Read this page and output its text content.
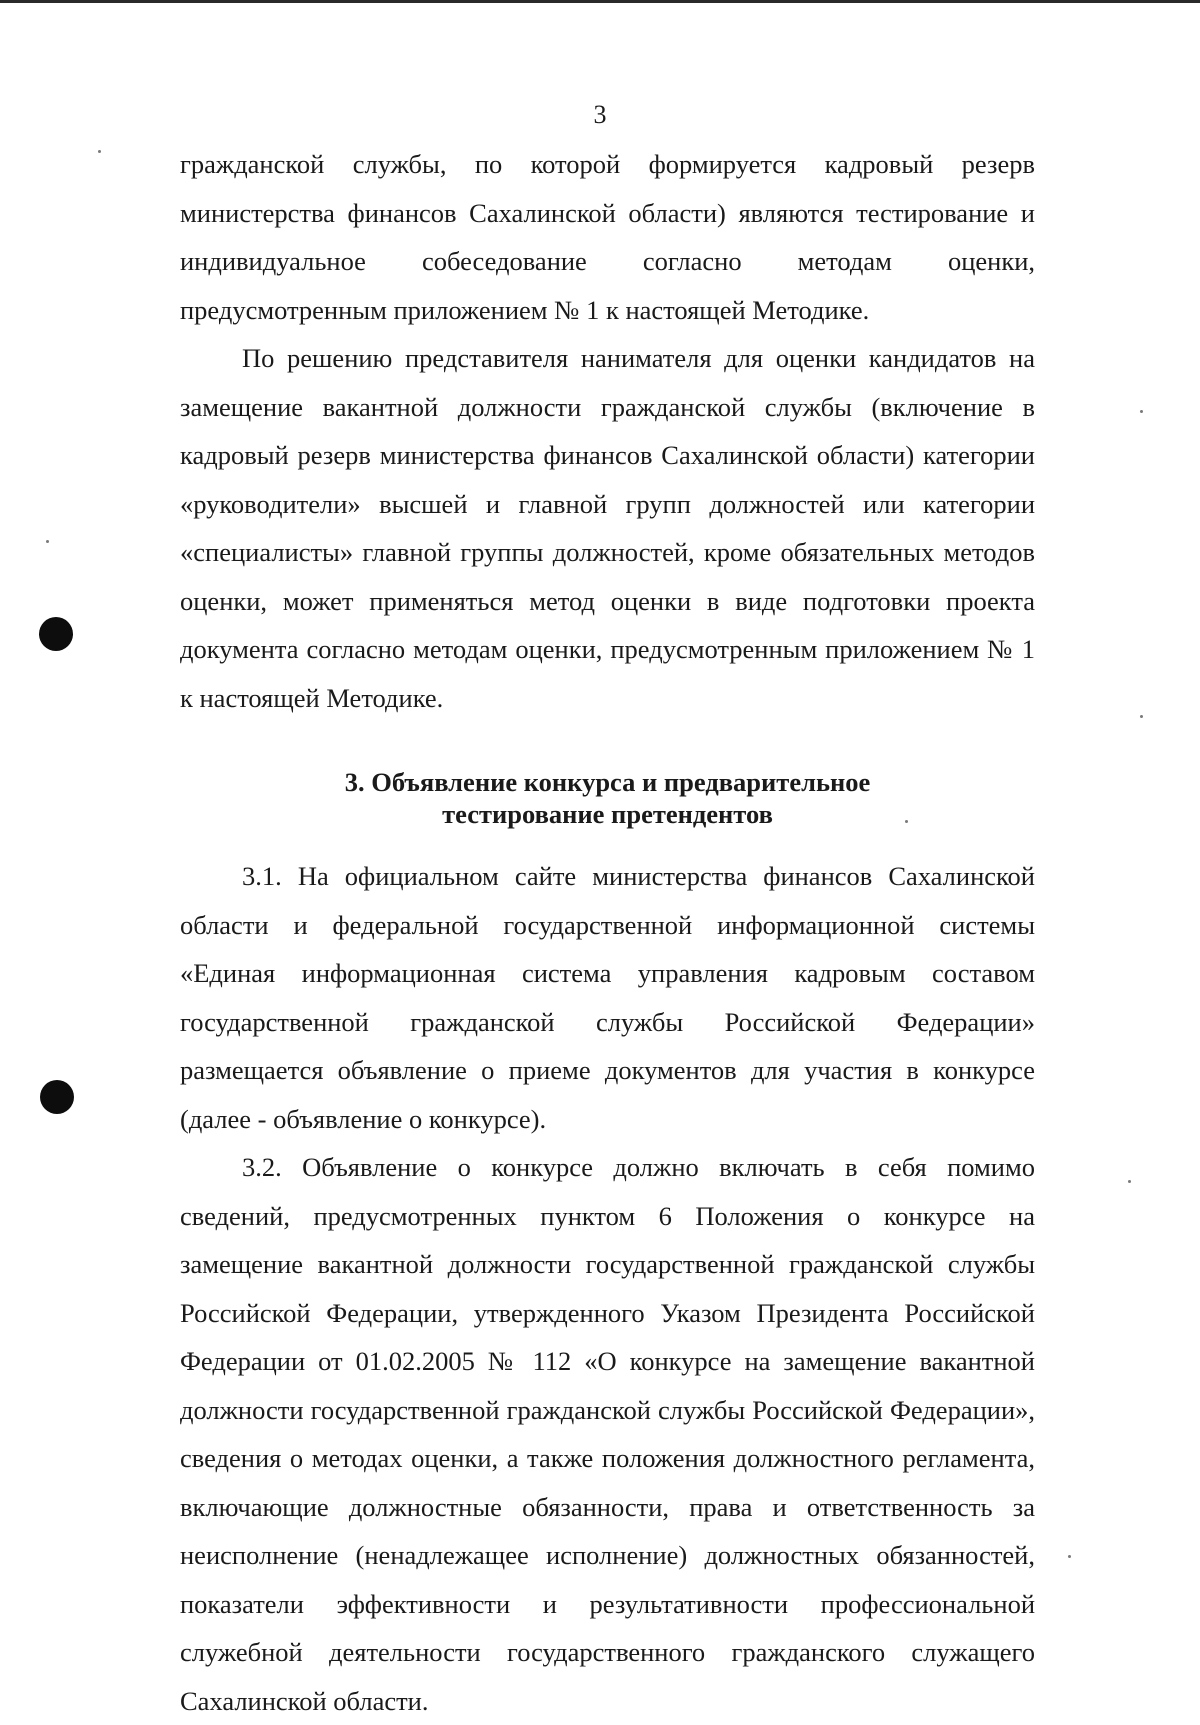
3

гражданской службы, по которой формируется кадровый резерв министерства финансов Сахалинской области) являются тестирование и индивидуальное собеседование согласно методам оценки, предусмотренным приложением № 1 к настоящей Методике.

По решению представителя нанимателя для оценки кандидатов на замещение вакантной должности гражданской службы (включение в кадровый резерв министерства финансов Сахалинской области) категории «руководители» высшей и главной групп должностей или категории «специалисты» главной группы должностей, кроме обязательных методов оценки, может применяться метод оценки в виде подготовки проекта документа согласно методам оценки, предусмотренным приложением № 1 к настоящей Методике.

3. Объявление конкурса и предварительное
тестирование претендентов

3.1. На официальном сайте министерства финансов Сахалинской области и федеральной государственной информационной системы «Единая информационная система управления кадровым составом государственной гражданской службы Российской Федерации» размещается объявление о приеме документов для участия в конкурсе (далее - объявление о конкурсе).

3.2. Объявление о конкурсе должно включать в себя помимо сведений, предусмотренных пунктом 6 Положения о конкурсе на замещение вакантной должности государственной гражданской службы Российской Федерации, утвержденного Указом Президента Российской Федерации от 01.02.2005 № 112 «О конкурсе на замещение вакантной должности государственной гражданской службы Российской Федерации», сведения о методах оценки, а также положения должностного регламента, включающие должностные обязанности, права и ответственность за неисполнение (ненадлежащее исполнение) должностных обязанностей, показатели эффективности и результативности профессиональной служебной деятельности государственного гражданского служащего Сахалинской области.
